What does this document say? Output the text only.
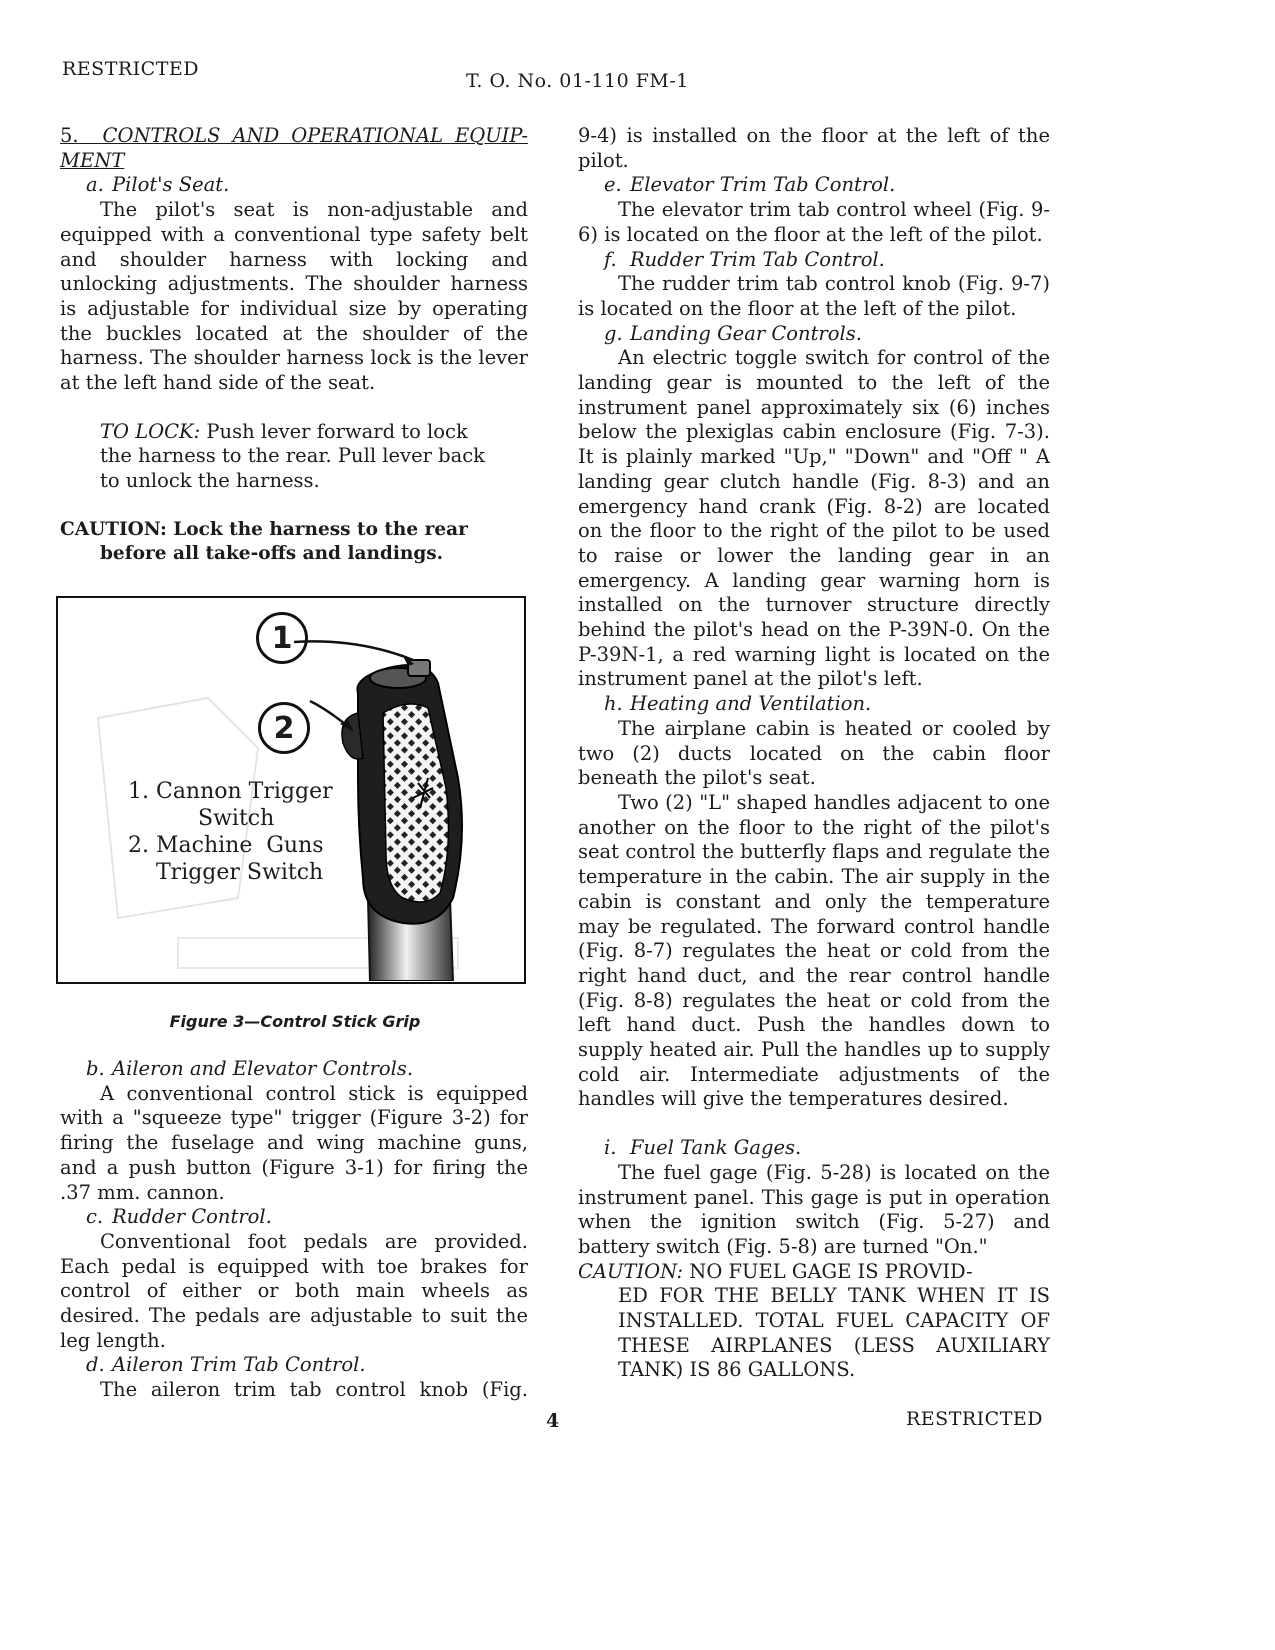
RESTRICTED
T. O. No. 01-110 FM-1

5. CONTROLS AND OPERATIONAL EQUIP-MENT

a. Pilot's Seat.

The pilot's seat is non-adjustable and equipped with a conventional type safety belt and shoulder harness with locking and unlocking adjustments. The shoulder harness is adjustable for individual size by operating the buckles located at the shoulder of the harness. The shoulder harness lock is the lever at the left hand side of the seat.

TO LOCK: Push lever forward to lock the harness to the rear. Pull lever back to unlock the harness.

CAUTION: Lock the harness to the rear
before all take-offs and landings.

1
2
1. Cannon Trigger
Switch
2. Machine  Guns
Trigger Switch
Figure 3—Control Stick Grip

b. Aileron and Elevator Controls.

A conventional control stick is equipped with a "squeeze type" trigger (Figure 3-2) for firing the fuselage and wing machine guns, and a push button (Figure 3-1) for firing the .37 mm. cannon.

c. Rudder Control.

Conventional foot pedals are provided. Each pedal is equipped with toe brakes for control of either or both main wheels as desired. The pedals are adjustable to suit the leg length.

d. Aileron Trim Tab Control.

The aileron trim tab control knob (Fig.

9-4) is installed on the floor at the left of the pilot.

e. Elevator Trim Tab Control.

The elevator trim tab control wheel (Fig. 9-6) is located on the floor at the left of the pilot.

f. Rudder Trim Tab Control.

The rudder trim tab control knob (Fig. 9-7) is located on the floor at the left of the pilot.

g. Landing Gear Controls.

An electric toggle switch for control of the landing gear is mounted to the left of the instrument panel approximately six (6) inches below the plexiglas cabin enclosure (Fig. 7-3). It is plainly marked "Up," "Down" and "Off " A landing gear clutch handle (Fig. 8-3) and an emergency hand crank (Fig. 8-2) are located on the floor to the right of the pilot to be used to raise or lower the landing gear in an emergency. A landing gear warning horn is installed on the turnover structure directly behind the pilot's head on the P-39N-0. On the P-39N-1, a red warning light is located on the instrument panel at the pilot's left.

h. Heating and Ventilation.

The airplane cabin is heated or cooled by two (2) ducts located on the cabin floor beneath the pilot's seat.

Two (2) "L" shaped handles adjacent to one another on the floor to the right of the pilot's seat control the butterfly flaps and regulate the temperature in the cabin. The air supply in the cabin is constant and only the temperature may be regulated. The forward control handle (Fig. 8-7) regulates the heat or cold from the right hand duct, and the rear control handle (Fig. 8-8) regulates the heat or cold from the left hand duct. Push the handles down to supply heated air. Pull the handles up to supply cold air. Intermediate adjustments of the handles will give the temperatures desired.

i. Fuel Tank Gages.

The fuel gage (Fig. 5-28) is located on the instrument panel. This gage is put in operation when the ignition switch (Fig. 5-27) and battery switch (Fig. 5-8) are turned "On."

CAUTION: NO FUEL GAGE IS PROVID-
ED FOR THE BELLY TANK WHEN IT IS INSTALLED. TOTAL FUEL CAPACITY OF THESE AIRPLANES (LESS AUXILIARY TANK) IS 86 GALLONS.

4	RESTRICTED
